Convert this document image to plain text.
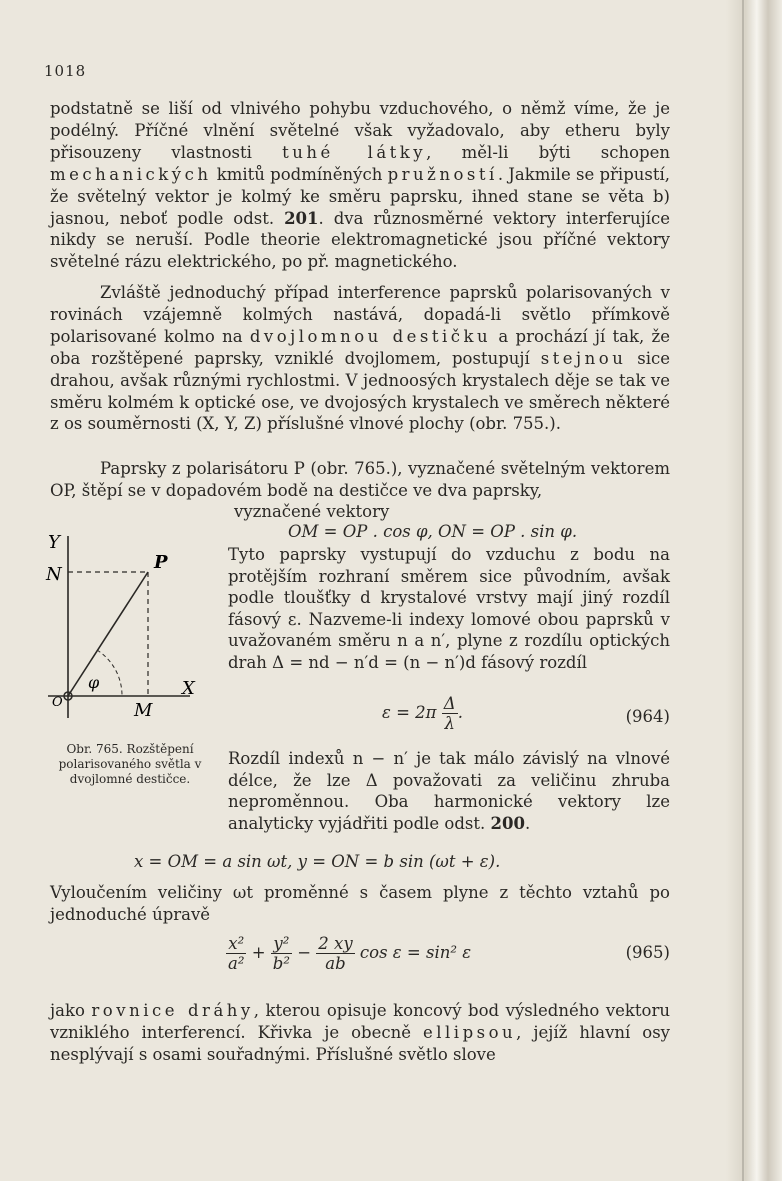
1018
podstatně se liší od vlnivého pohybu vzduchového, o němž víme, že je podélný. Příčné vlnění světelné však vyžadovalo, aby etheru byly přisouzeny vlastnosti tuhé látky, měl-li býti schopen mechanických kmitů podmíněných pružností. Jakmile se připustí, že světelný vektor je kolmý ke směru paprsku, ihned stane se věta b) jasnou, neboť podle odst. 201. dva různosměrné vektory interferujíce nikdy se neruší. Podle theorie elektromagnetické jsou příčné vektory světelné rázu elektrického, po př. magnetického.
Zvláště jednoduchý případ interference paprsků polarisovaných v rovinách vzájemně kolmých nastává, dopadá-li světlo přímkově polarisované kolmo na dvojlomnou destičku a prochází jí tak, že oba rozštěpené paprsky, vzniklé dvojlomem, postupují stejnou sice drahou, avšak různými rychlostmi. V jednoosých krystalech děje se tak ve směru kolmém k optické ose, ve dvojosých krystalech ve směrech některé z os souměrnosti (X, Y, Z) příslušné vlnové plochy (obr. 755.).
Paprsky z polarisátoru P (obr. 765.), vyznačené světelným vektorem OP, štěpí se v dopadovém bodě na destičce ve dva paprsky,
vyznačené vektory
OM = OP . cos φ, ON = OP . sin φ.
Y
N
P
X
O	M
φ
Obr. 765. Rozštěpení polarisovaného světla v dvojlomné destičce.
Tyto paprsky vystupují do vzduchu z bodu na protějším rozhraní směrem sice původním, avšak podle tloušťky d krystalové vrstvy mají jiný rozdíl fásový ε. Nazveme-li indexy lomové obou paprsků v uvažovaném směru n a n′, plyne z rozdílu optických drah Δ = nd − n′d = (n − n′)d fásový rozdíl
$\varepsilon = 2\pi \frac{\Delta}{\lambda}$ .	(964)
Rozdíl indexů n − n′ je tak málo závislý na vlnové délce, že lze Δ považovati za veličinu zhruba neproměnnou. Oba harmonické vektory lze analyticky vyjádřiti podle odst. 200.
x = OM = a sin ωt, y = ON = b sin (ωt + ε).
Vyloučením veličiny ωt proměnné s časem plyne z těchto vztahů po jednoduché úpravě
$\frac{\text{x²}}{\text{a²}} + \frac{\text{y²}}{\text{b²}} - \frac{2 xy}{ab}$ cos ε = sin² ε	(965)
jako rovnice dráhy, kterou opisuje koncový bod výsledného vektoru vzniklého interferencí. Křivka je obecně ellipsou, jejíž hlavní osy nesplývají s osami souřadnými. Příslušné světlo slove
